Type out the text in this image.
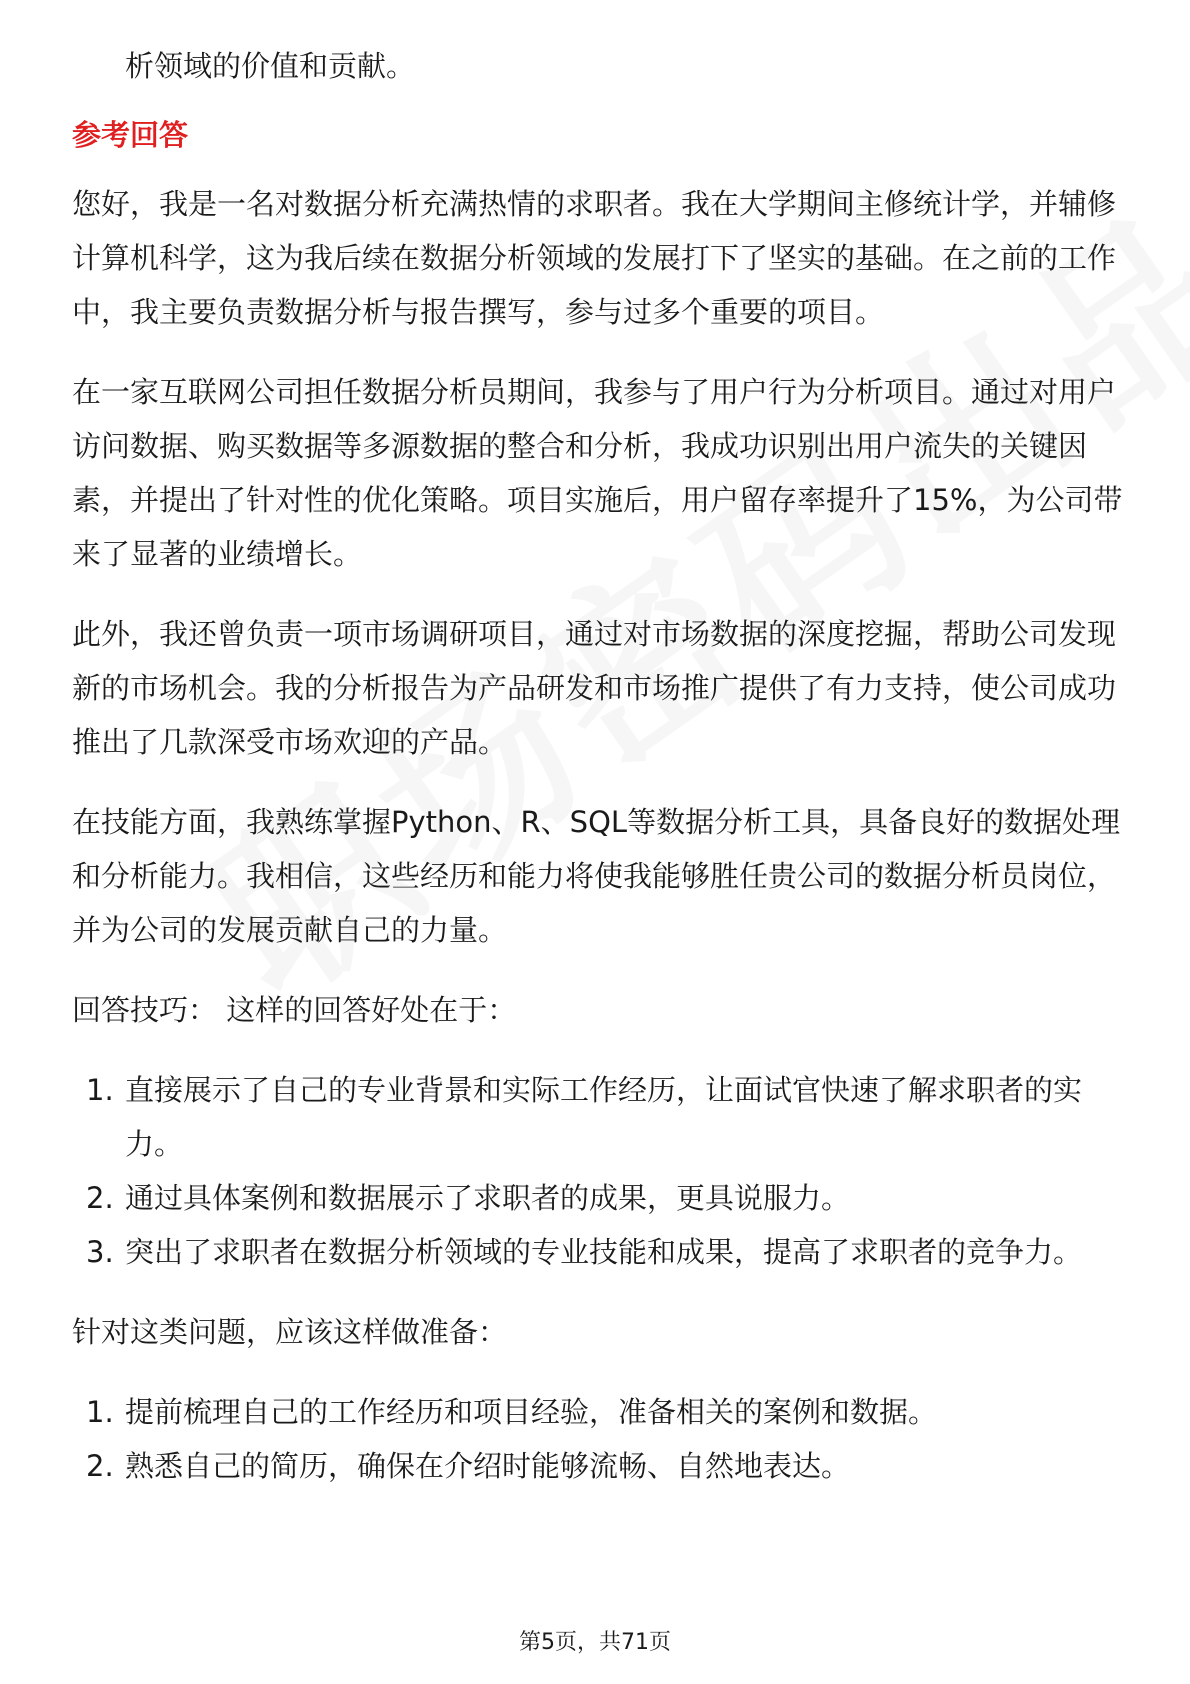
析领域的价值和贡献。
参考回答
您好，我是一名对数据分析充满热情的求职者。我在大学期间主修统计学，并辅修
计算机科学，这为我后续在数据分析领域的发展打下了坚实的基础。在之前的工作
中，我主要负责数据分析与报告撰写，参与过多个重要的项目。
在一家互联网公司担任数据分析员期间，我参与了用户行为分析项目。通过对用户
访问数据、购买数据等多源数据的整合和分析，我成功识别出用户流失的关键因
素，并提出了针对性的优化策略。项目实施后，用户留存率提升了15%，为公司带
来了显著的业绩增长。
此外，我还曾负责一项市场调研项目，通过对市场数据的深度挖掘，帮助公司发现
新的市场机会。我的分析报告为产品研发和市场推广提供了有力支持，使公司成功
推出了几款深受市场欢迎的产品。
在技能方面，我熟练掌握Python、R、SQL等数据分析工具，具备良好的数据处理
和分析能力。我相信，这些经历和能力将使我能够胜任贵公司的数据分析员岗位，
并为公司的发展贡献自己的力量。
回答技巧： 这样的回答好处在于：
1. 直接展示了自己的专业背景和实际工作经历，让面试官快速了解求职者的实
力。
2. 通过具体案例和数据展示了求职者的成果，更具说服力。
3. 突出了求职者在数据分析领域的专业技能和成果，提高了求职者的竞争力。
针对这类问题，应该这样做准备：
1. 提前梳理自己的工作经历和项目经验，准备相关的案例和数据。
2. 熟悉自己的简历，确保在介绍时能够流畅、自然地表达。
第5页，共71页
